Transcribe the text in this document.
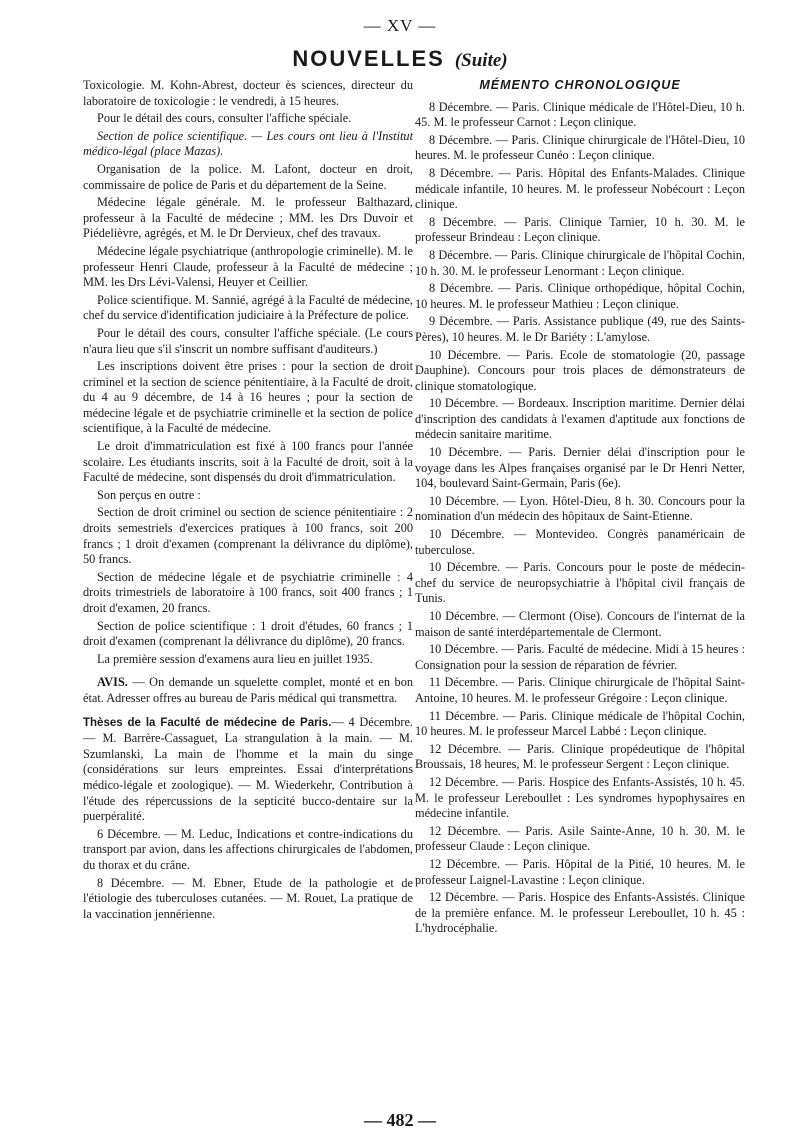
— XV —
NOUVELLES (Suite)

Toxicologie. M. Kohn-Abrest, docteur ès sciences, directeur du laboratoire de toxicologie : le vendredi, à 15 heures.

Pour le détail des cours, consulter l'affiche spéciale.

Section de police scientifique. — Les cours ont lieu à l'Institut médico-légal (place Mazas).

Organisation de la police. M. Lafont, docteur en droit, commissaire de police de Paris et du département de la Seine.

Médecine légale générale. M. le professeur Balthazard, professeur à la Faculté de médecine ; MM. les Drs Duvoir et Piédelièvre, agrégés, et M. le Dr Dervieux, chef des travaux.

Médecine légale psychiatrique (anthropologie criminelle). M. le professeur Henri Claude, professeur à la Faculté de médecine ; MM. les Drs Lévi-Valensi, Heuyer et Ceillier.

Police scientifique. M. Sannié, agrégé à la Faculté de médecine, chef du service d'identification judiciaire à la Préfecture de police.

Pour le détail des cours, consulter l'affiche spéciale. (Le cours n'aura lieu que s'il s'inscrit un nombre suffisant d'auditeurs.)

Les inscriptions doivent être prises : pour la section de droit criminel et la section de science pénitentiaire, à la Faculté de droit, du 4 au 9 décembre, de 14 à 16 heures ; pour la section de médecine légale et de psychiatrie criminelle et la section de police scientifique, à la Faculté de médecine.

Le droit d'immatriculation est fixé à 100 francs pour l'année scolaire. Les étudiants inscrits, soit à la Faculté de droit, soit à la Faculté de médecine, sont dispensés du droit d'immatriculation.

Son perçus en outre :

Section de droit criminel ou section de science pénitentiaire : 2 droits semestriels d'exercices pratiques à 100 francs, soit 200 francs ; 1 droit d'examen (comprenant la délivrance du diplôme), 50 francs.

Section de médecine légale et de psychiatrie criminelle : 4 droits trimestriels de laboratoire à 100 francs, soit 400 francs ; 1 droit d'examen, 20 francs.

Section de police scientifique : 1 droit d'études, 60 francs ; 1 droit d'examen (comprenant la délivrance du diplôme), 20 francs.

La première session d'examens aura lieu en juillet 1935.

AVIS. — On demande un squelette complet, monté et en bon état. Adresser offres au bureau de Paris médical qui transmettra.

Thèses de la Faculté de médecine de Paris.— 4 Décembre. — M. Barrère-Cassaguet, La strangulation à la main. — M. Szumlanski, La main de l'homme et la main du singe (considérations sur leurs empreintes. Essai d'interprétations médico-légale et zoologique). — M. Wiederkehr, Contribution à l'étude des répercussions de la septicité bucco-dentaire sur la puerpéralité.

6 Décembre. — M. Leduc, Indications et contre-indications du transport par avion, dans les affections chirurgicales de l'abdomen, du thorax et du crâne.

8 Décembre. — M. Ebner, Etude de la pathologie et de l'étiologie des tuberculoses cutanées. — M. Rouet, La pratique de la vaccination jennérienne.

MÉMENTO CHRONOLOGIQUE

8 Décembre. — Paris. Clinique médicale de l'Hôtel-Dieu, 10 h. 45. M. le professeur Carnot : Leçon clinique.

8 Décembre. — Paris. Clinique chirurgicale de l'Hôtel-Dieu, 10 heures. M. le professeur Cunéo : Leçon clinique.

8 Décembre. — Paris. Hôpital des Enfants-Malades. Clinique médicale infantile, 10 heures. M. le professeur Nobécourt : Leçon clinique.

8 Décembre. — Paris. Clinique Tarnier, 10 h. 30. M. le professeur Brindeau : Leçon clinique.

8 Décembre. — Paris. Clinique chirurgicale de l'hôpital Cochin, 10 h. 30. M. le professeur Lenormant : Leçon clinique.

8 Décembre. — Paris. Clinique orthopédique, hôpital Cochin, 10 heures. M. le professeur Mathieu : Leçon clinique.

9 Décembre. — Paris. Assistance publique (49, rue des Saints-Pères), 10 heures. M. le Dr Bariéty : L'amylose.

10 Décembre. — Paris. Ecole de stomatologie (20, passage Dauphine). Concours pour trois places de démonstrateurs de clinique stomatologique.

10 Décembre. — Bordeaux. Inscription maritime. Dernier délai d'inscription des candidats à l'examen d'aptitude aux fonctions de médecin sanitaire maritime.

10 Décembre. — Paris. Dernier délai d'inscription pour le voyage dans les Alpes françaises organisé par le Dr Henri Netter, 104, boulevard Saint-Germain, Paris (6e).

10 Décembre. — Lyon. Hôtel-Dieu, 8 h. 30. Concours pour la nomination d'un médecin des hôpitaux de Saint-Etienne.

10 Décembre. — Montevideo. Congrès panaméricain de tuberculose.

10 Décembre. — Paris. Concours pour le poste de médecin-chef du service de neuropsychiatrie à l'hôpital civil français de Tunis.

10 Décembre. — Clermont (Oise). Concours de l'internat de la maison de santé interdépartementale de Clermont.

10 Décembre. — Paris. Faculté de médecine. Midi à 15 heures : Consignation pour la session de réparation de février.

11 Décembre. — Paris. Clinique chirurgicale de l'hôpital Saint-Antoine, 10 heures. M. le professeur Grégoire : Leçon clinique.

11 Décembre. — Paris. Clinique médicale de l'hôpital Cochin, 10 heures. M. le professeur Marcel Labbé : Leçon clinique.

12 Décembre. — Paris. Clinique propédeutique de l'hôpital Broussais, 18 heures, M. le professeur Sergent : Leçon clinique.

12 Décembre. — Paris. Hospice des Enfants-Assistés, 10 h. 45. M. le professeur Lereboullet : Les syndromes hypophysaires en médecine infantile.

12 Décembre. — Paris. Asile Sainte-Anne, 10 h. 30. M. le professeur Claude : Leçon clinique.

12 Décembre. — Paris. Hôpital de la Pitié, 10 heures. M. le professeur Laignel-Lavastine : Leçon clinique.

12 Décembre. — Paris. Hospice des Enfants-Assistés. Clinique de la première enfance. M. le professeur Lereboullet, 10 h. 45 : L'hydrocéphalie.

— 482 —
